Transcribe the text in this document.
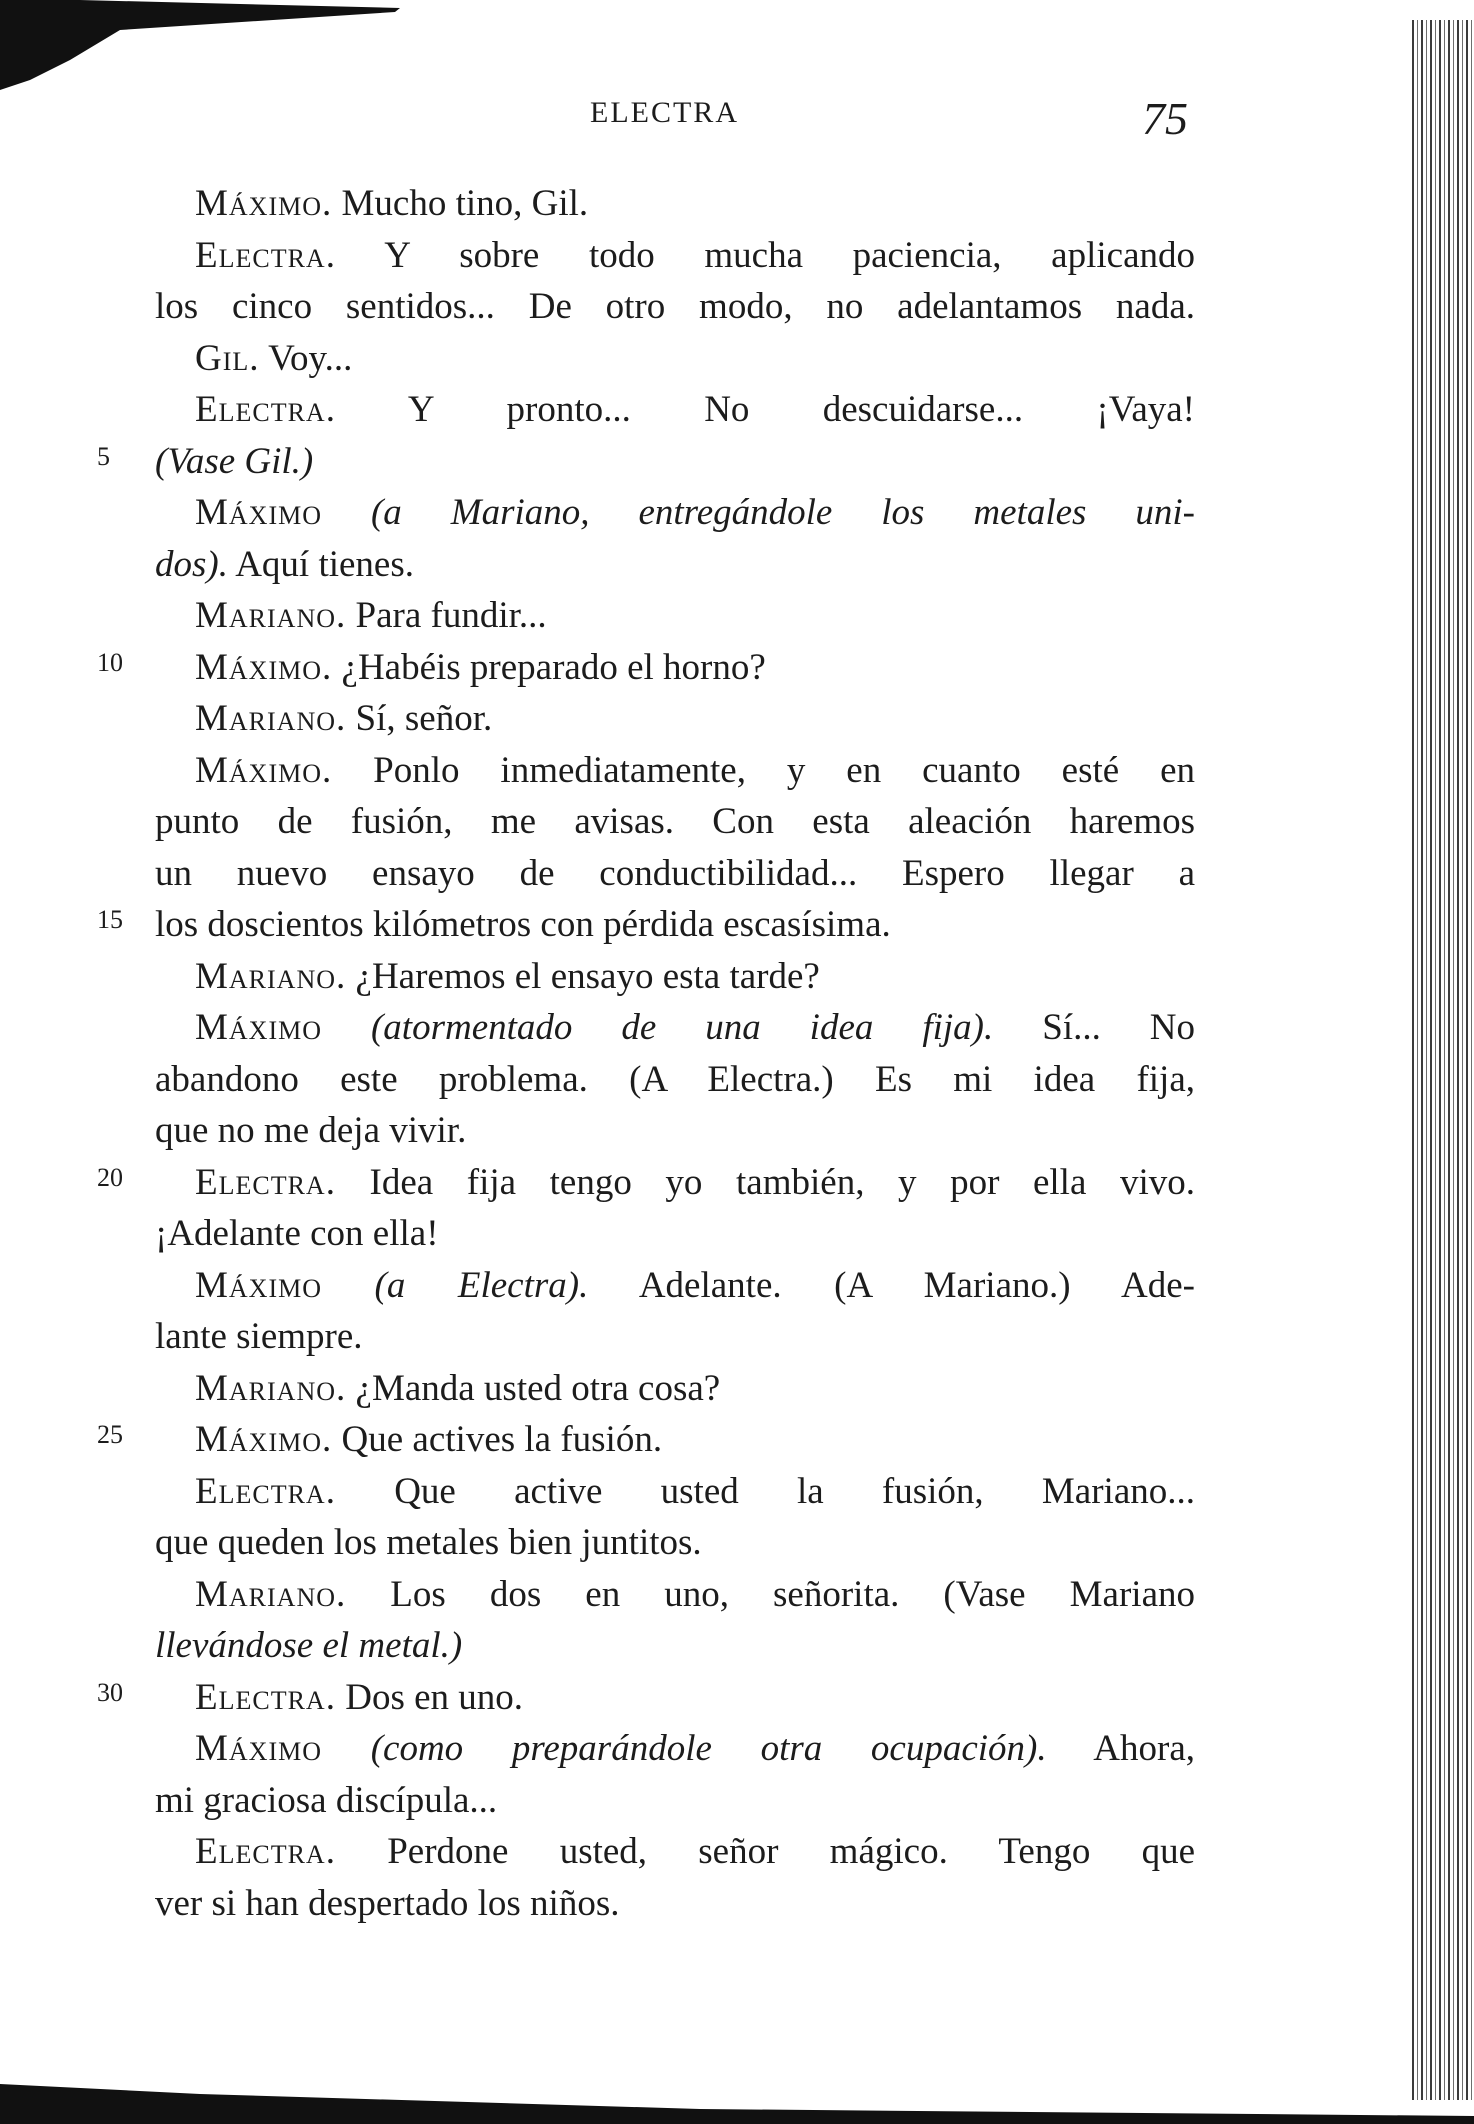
ELECTRA	75
Máximo. Mucho tino, Gil.
Electra. Y sobre todo mucha paciencia, aplicando
los cinco sentidos... De otro modo, no adelantamos nada.
Gil. Voy...
Electra. Y pronto... No descuidarse... ¡Vaya!
5 (Vase Gil.)
Máximo (a Mariano, entregándole los metales uni-
dos). Aquí tienes.
Mariano. Para fundir...
10 Máximo. ¿Habéis preparado el horno?
Mariano. Sí, señor.
Máximo. Ponlo inmediatamente, y en cuanto esté en
punto de fusión, me avisas. Con esta aleación haremos
un nuevo ensayo de conductibilidad... Espero llegar a
15 los doscientos kilómetros con pérdida escasísima.
Mariano. ¿Haremos el ensayo esta tarde?
Máximo (atormentado de una idea fija). Sí... No
abandono este problema. (A Electra.) Es mi idea fija,
que no me deja vivir.
20 Electra. Idea fija tengo yo también, y por ella vivo.
¡Adelante con ella!
Máximo (a Electra). Adelante. (A Mariano.) Ade-
lante siempre.
Mariano. ¿Manda usted otra cosa?
25 Máximo. Que actives la fusión.
Electra. Que active usted la fusión, Mariano...
que queden los metales bien juntitos.
Mariano. Los dos en uno, señorita. (Vase Mariano
llevándose el metal.)
30 Electra. Dos en uno.
Máximo (como preparándole otra ocupación). Ahora,
mi graciosa discípula...
Electra. Perdone usted, señor mágico. Tengo que
ver si han despertado los niños.
